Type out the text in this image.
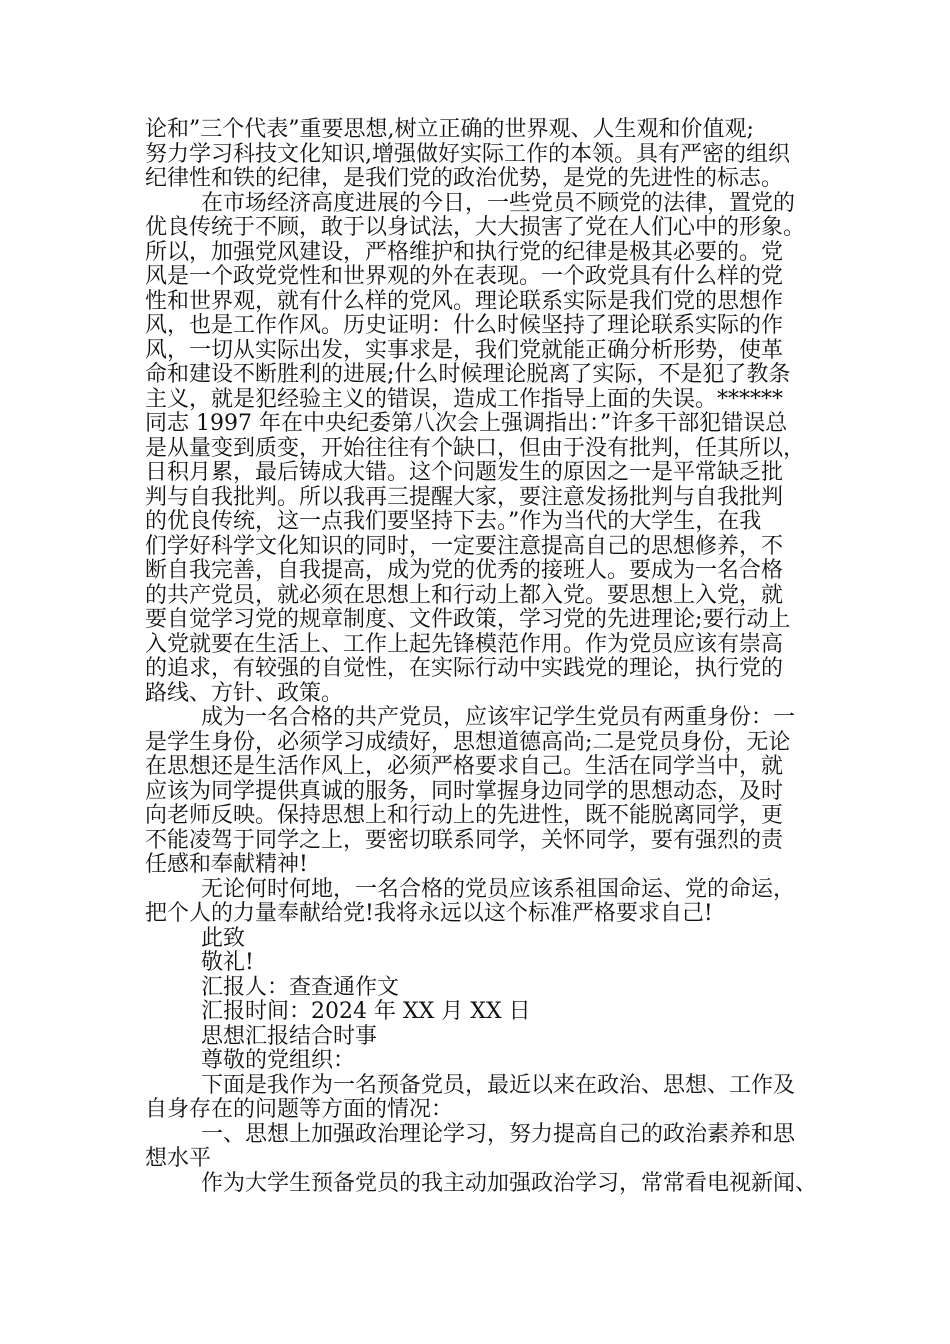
论和”三个代表”重要思想,树立正确的世界观、人生观和价值观;
努力学习科技文化知识,增强做好实际工作的本领。具有严密的组织
纪律性和铁的纪律，是我们党的政治优势，是党的先进性的标志。
在市场经济高度进展的今日，一些党员不顾党的法律，置党的
优良传统于不顾，敢于以身试法，大大损害了党在人们心中的形象。
所以，加强党风建设，严格维护和执行党的纪律是极其必要的。党
风是一个政党党性和世界观的外在表现。一个政党具有什么样的党
性和世界观，就有什么样的党风。理论联系实际是我们党的思想作
风，也是工作作风。历史证明：什么时候坚持了理论联系实际的作
风，一切从实际出发，实事求是，我们党就能正确分析形势，使革
命和建设不断胜利的进展;什么时候理论脱离了实际，不是犯了教条
主义，就是犯经验主义的错误，造成工作指导上面的失误。******
同志 1997 年在中央纪委第八次会上强调指出：”许多干部犯错误总
是从量变到质变，开始往往有个缺口，但由于没有批判，任其所以，
日积月累，最后铸成大错。这个问题发生的原因之一是平常缺乏批
判与自我批判。所以我再三提醒大家，要注意发扬批判与自我批判
的优良传统，这一点我们要坚持下去。”作为当代的大学生，在我
们学好科学文化知识的同时，一定要注意提高自己的思想修养，不
断自我完善，自我提高，成为党的优秀的接班人。要成为一名合格
的共产党员，就必须在思想上和行动上都入党。要思想上入党，就
要自觉学习党的规章制度、文件政策，学习党的先进理论;要行动上
入党就要在生活上、工作上起先锋模范作用。作为党员应该有崇高
的追求，有较强的自觉性，在实际行动中实践党的理论，执行党的
路线、方针、政策。
成为一名合格的共产党员，应该牢记学生党员有两重身份：一
是学生身份，必须学习成绩好，思想道德高尚;二是党员身份，无论
在思想还是生活作风上，必须严格要求自己。生活在同学当中，就
应该为同学提供真诚的服务，同时掌握身边同学的思想动态，及时
向老师反映。保持思想上和行动上的先进性，既不能脱离同学，更
不能凌驾于同学之上，要密切联系同学，关怀同学，要有强烈的责
任感和奉献精神!
无论何时何地，一名合格的党员应该系祖国命运、党的命运，
把个人的力量奉献给党!我将永远以这个标准严格要求自己!
此致
敬礼!
汇报人：查查通作文
汇报时间：2024 年 XX 月 XX 日
思想汇报结合时事
尊敬的党组织：
下面是我作为一名预备党员，最近以来在政治、思想、工作及
自身存在的问题等方面的情况：
一、思想上加强政治理论学习，努力提高自己的政治素养和思
想水平
作为大学生预备党员的我主动加强政治学习，常常看电视新闻、
